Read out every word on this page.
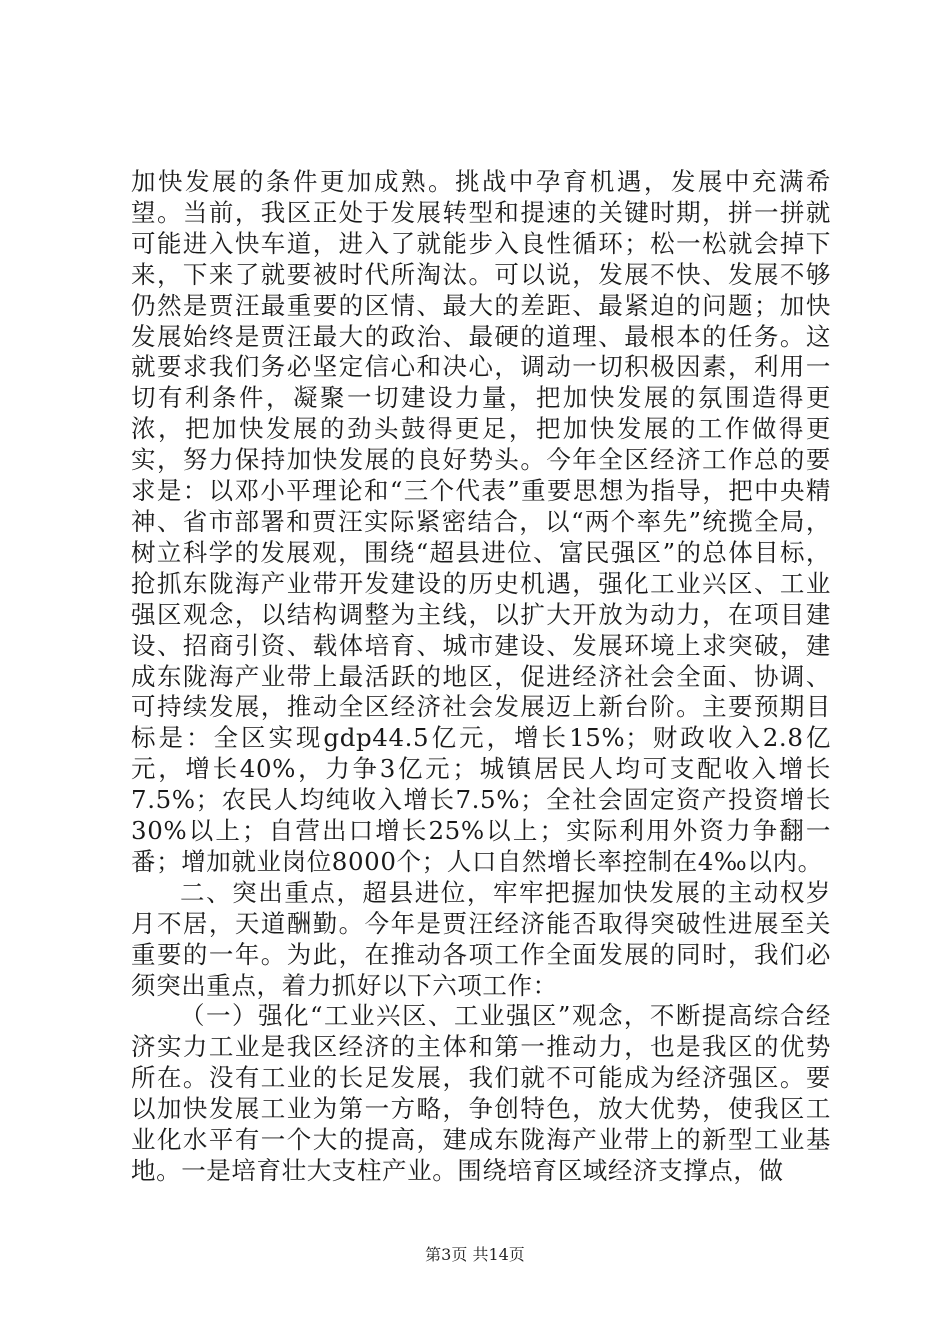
加快发展的条件更加成熟。挑战中孕育机遇，发展中充满希望。当前，我区正处于发展转型和提速的关键时期，拼一拼就可能进入快车道，进入了就能步入良性循环；松一松就会掉下来，下来了就要被时代所淘汰。可以说，发展不快、发展不够仍然是贾汪最重要的区情、最大的差距、最紧迫的问题；加快发展始终是贾汪最大的政治、最硬的道理、最根本的任务。这就要求我们务必坚定信心和决心，调动一切积极因素，利用一切有利条件，凝聚一切建设力量，把加快发展的氛围造得更浓，把加快发展的劲头鼓得更足，把加快发展的工作做得更实，努力保持加快发展的良好势头。今年全区经济工作总的要求是：以邓小平理论和“三个代表”重要思想为指导，把中央精神、省市部署和贾汪实际紧密结合，以“两个率先”统揽全局，树立科学的发展观，围绕“超县进位、富民强区”的总体目标，抢抓东陇海产业带开发建设的历史机遇，强化工业兴区、工业强区观念，以结构调整为主线，以扩大开放为动力，在项目建设、招商引资、载体培育、城市建设、发展环境上求突破，建成东陇海产业带上最活跃的地区，促进经济社会全面、协调、可持续发展，推动全区经济社会发展迈上新台阶。主要预期目标是：全区实现gdp44.5亿元，增长15%；财政收入2.8亿元，增长40%，力争3亿元；城镇居民人均可支配收入增长7.5%；农民人均纯收入增长7.5%；全社会固定资产投资增长30%以上；自营出口增长25%以上；实际利用外资力争翻一番；增加就业岗位8000个；人口自然增长率控制在4‰以内。

二、突出重点，超县进位，牢牢把握加快发展的主动权岁月不居，天道酬勤。今年是贾汪经济能否取得突破性进展至关重要的一年。为此，在推动各项工作全面发展的同时，我们必须突出重点，着力抓好以下六项工作：

（一）强化“工业兴区、工业强区”观念，不断提高综合经济实力工业是我区经济的主体和第一推动力，也是我区的优势所在。没有工业的长足发展，我们就不可能成为经济强区。要以加快发展工业为第一方略，争创特色，放大优势，使我区工业化水平有一个大的提高，建成东陇海产业带上的新型工业基地。一是培育壮大支柱产业。围绕培育区域经济支撑点，做

第3页 共14页
